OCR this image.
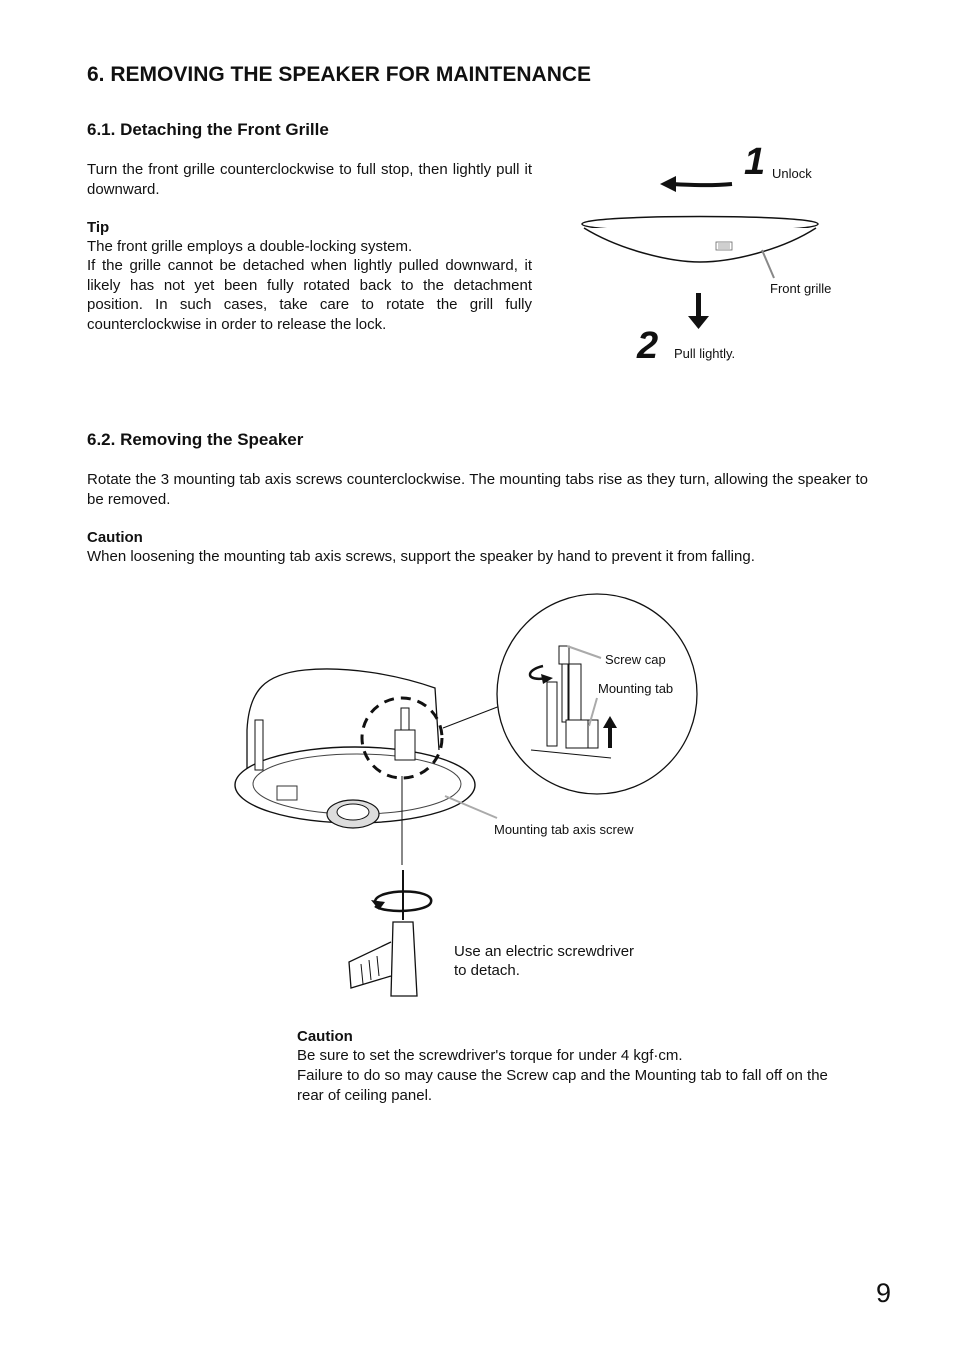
6. REMOVING THE SPEAKER FOR MAINTENANCE
6.1. Detaching the Front Grille

Turn the front grille counterclockwise to full stop, then lightly pull it downward.

Tip

The front grille employs a double-locking system.

If the grille cannot be detached when lightly pulled downward, it likely has not yet been fully rotated back to the detachment position. In such cases, take care to rotate the grill fully counterclockwise in order to release the lock.

1 Unlock
Front grille
2 Pull lightly.
6.2. Removing the Speaker

Rotate the 3 mounting tab axis screws counterclockwise. The mounting tabs rise as they turn, allowing the speaker to be removed.

Caution

When loosening the mounting tab axis screws, support the speaker by hand to prevent it from falling.

Screw cap
Mounting tab
Mounting tab axis screw
Use an electric screwdriver
to detach.
Caution

Be sure to set the screwdriver's torque for under 4 kgf·cm.

Failure to do so may cause the Screw cap and the Mounting tab to fall off on the rear of ceiling panel.

9
